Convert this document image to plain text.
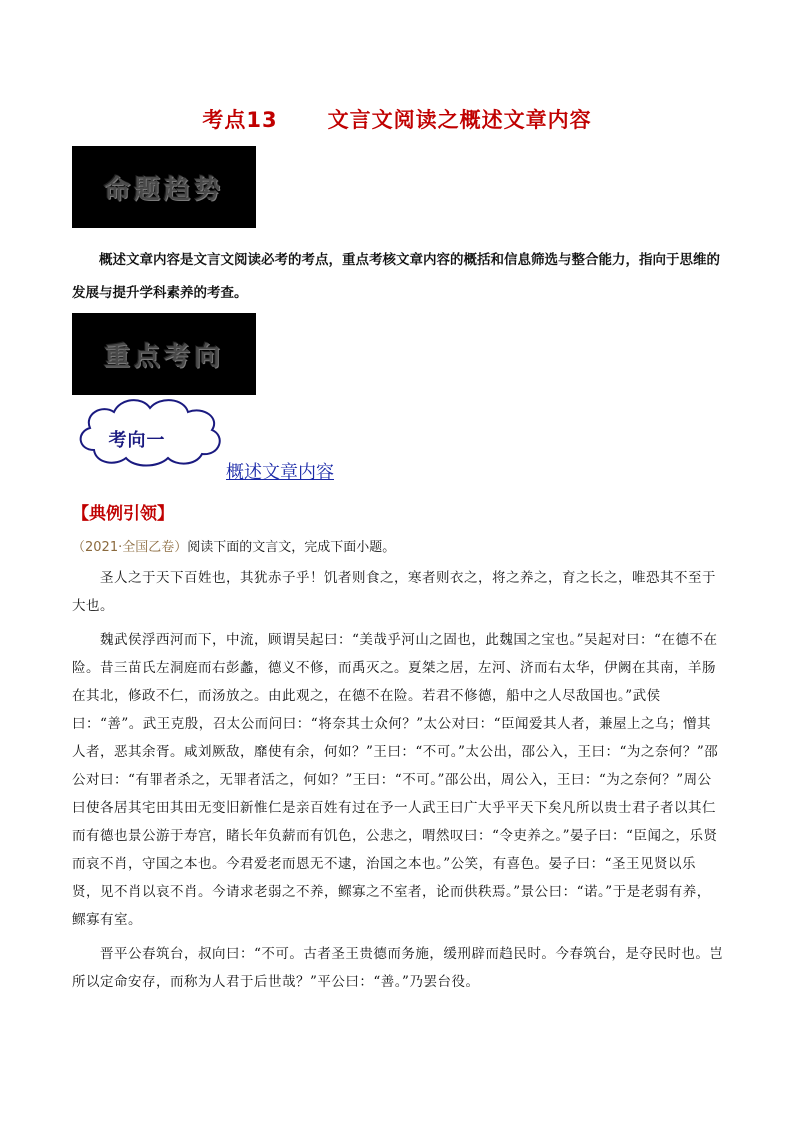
考点13 文言文阅读之概述文章内容
命题趋势
概述文章内容是文言文阅读必考的考点，重点考核文章内容的概括和信息筛选与整合能力，指向于思维的发展与提升学科素养的考查。
重点考向
考向一
概述文章内容
【典例引领】
（2021·全国乙卷）阅读下面的文言文，完成下面小题。

圣人之于天下百姓也，其犹赤子乎！饥者则食之，寒者则衣之，将之养之，育之长之，唯恐其不至于大也。

魏武侯浮西河而下，中流，顾谓吴起曰：“美哉乎河山之固也，此魏国之宝也。”吴起对曰：“在德不在险。昔三苗氏左洞庭而右彭蠡，德义不修，而禹灭之。夏桀之居，左河、济而右太华，伊阙在其南，羊肠在其北，修政不仁，而汤放之。由此观之，在德不在险。若君不修德，船中之人尽敌国也。”武侯曰：“善”。武王克殷，召太公而问曰：“将奈其士众何？”太公对曰：“臣闻爱其人者，兼屋上之乌；憎其人者，恶其余胥。咸刘厥敌，靡使有余，何如？”王曰：“不可。”太公出，邵公入，王曰：“为之奈何？”邵公对曰：“有罪者杀之，无罪者活之，何如？”王曰：“不可。”邵公出，周公入，王曰：“为之奈何？”周公曰使各居其宅田其田无变旧新惟仁是亲百姓有过在予一人武王曰广大乎平天下矣凡所以贵士君子者以其仁而有德也景公游于寿宫，睹长年负薪而有饥色，公悲之，喟然叹曰：“令吏养之。”晏子曰：“臣闻之，乐贤而哀不肖，守国之本也。今君爱老而恩无不逮，治国之本也。”公笑，有喜色。晏子曰：“圣王见贤以乐贤，见不肖以哀不肖。今请求老弱之不养，鳏寡之不室者，论而供秩焉。”景公曰：“诺。”于是老弱有养，鳏寡有室。

晋平公春筑台，叔向曰：“不可。古者圣王贵德而务施，缓刑辟而趋民时。今春筑台，是夺民时也。岂所以定命安存，而称为人君于后世哉？”平公曰：“善。”乃罢台役。
